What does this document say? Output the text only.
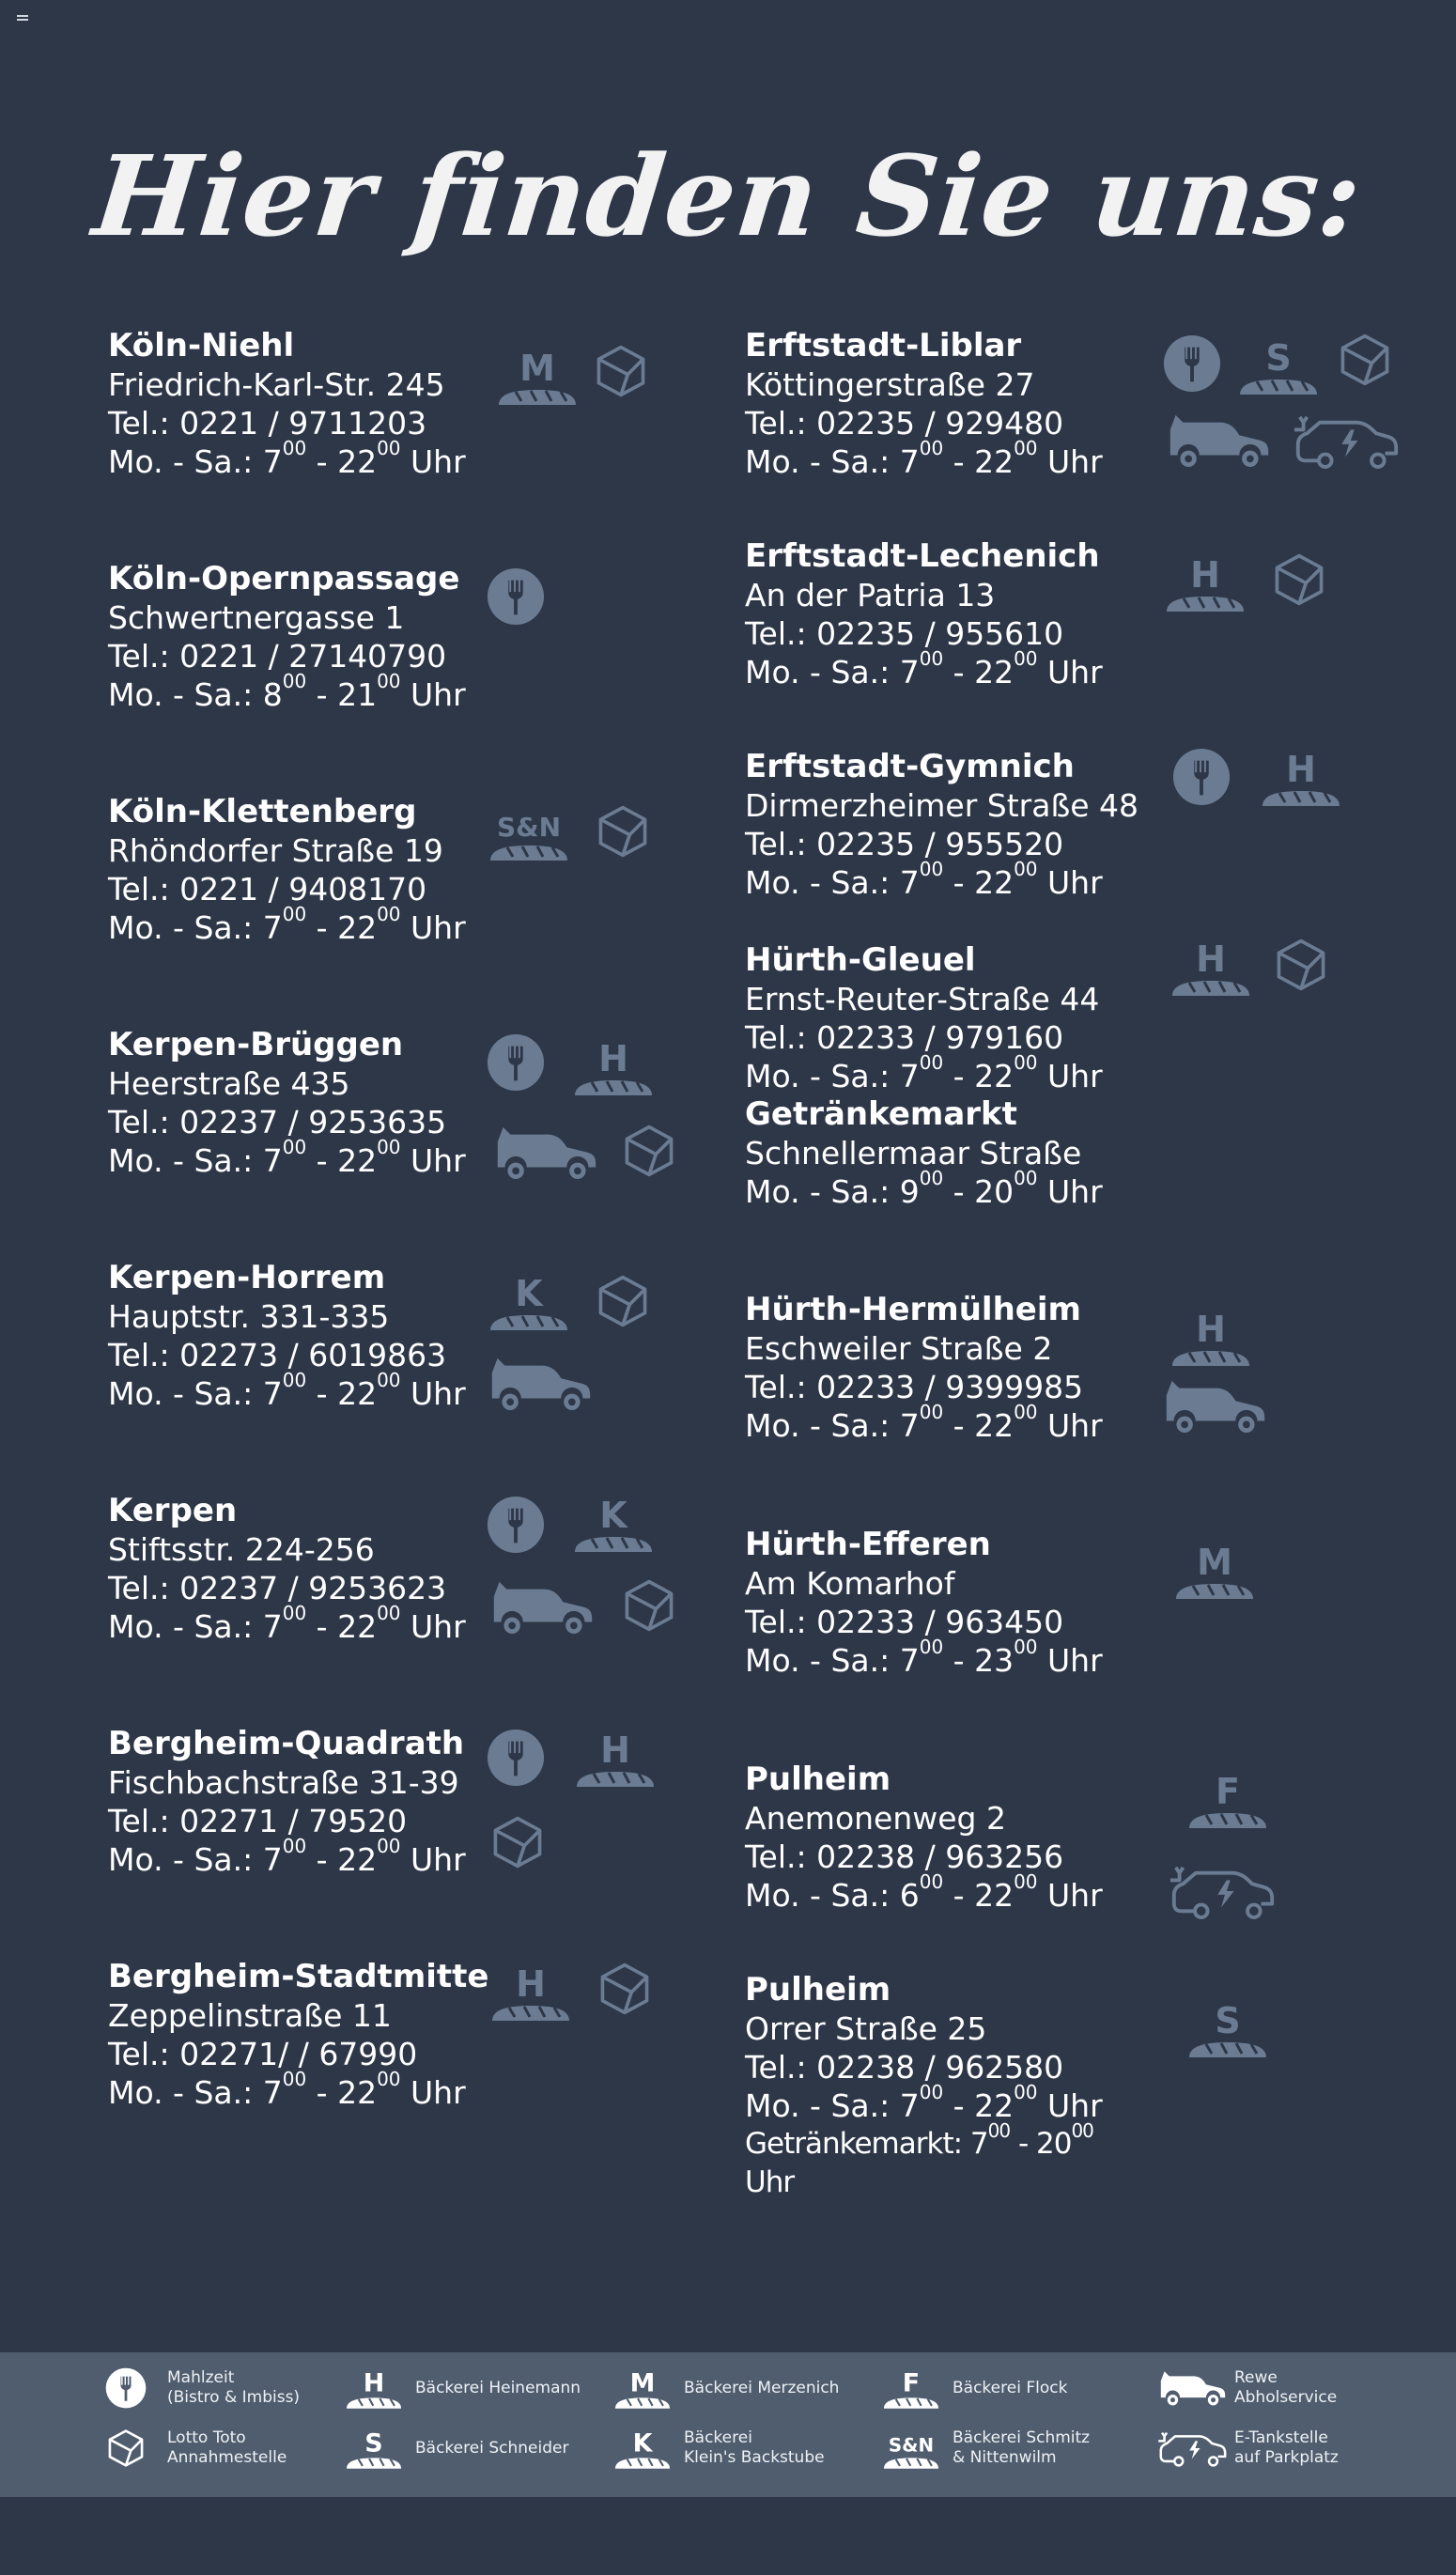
Hier finden Sie uns:
Köln-Niehl
Friedrich-Karl-Str. 245
Tel.: 0221 / 9711203
Mo. - Sa.: $7^{00} - 22^{00}$ Uhr
Köln-Opernpassage
Schwertnergasse 1
Tel.: 0221 / 27140790
Mo. - Sa.: $8^{00} - 21^{00}$ Uhr
Köln-Klettenberg
Rhöndorfer Straße 19
Tel.: 0221 / 9408170
Mo. - Sa.: $7^{00} - 22^{00}$ Uhr
Kerpen-Brüggen
Heerstraße 435
Tel.: 02237 / 9253635
Mo. - Sa.: $7^{00} - 22^{00}$ Uhr
Kerpen-Horrem
Hauptstr. 331-335
Tel.: 02273 / 6019863
Mo. - Sa.: $7^{00} - 22^{00}$ Uhr
Kerpen
Stiftsstr. 224-256
Tel.: 02237 / 9253623
Mo. - Sa.: $7^{00} - 22^{00}$ Uhr
Bergheim-Quadrath
Fischbachstraße 31-39
Tel.: 02271 / 79520
Mo. - Sa.: $7^{00} - 22^{00}$ Uhr
Bergheim-Stadtmitte
Zeppelinstraße 11
Tel.: 02271/ / 67990
Mo. - Sa.: $7^{00} - 22^{00}$ Uhr
Erftstadt-Liblar
Köttingerstraße 27
Tel.: 02235 / 929480
Mo. - Sa.: $7^{00} - 22^{00}$ Uhr
Erftstadt-Lechenich
An der Patria 13
Tel.: 02235 / 955610
Mo. - Sa.: $7^{00} - 22^{00}$ Uhr
Erftstadt-Gymnich
Dirmerzheimer Straße 48
Tel.: 02235 / 955520
Mo. - Sa.: $7^{00} - 22^{00}$ Uhr
Hürth-Gleuel
Ernst-Reuter-Straße 44
Tel.: 02233 / 979160
Mo. - Sa.: $7^{00} - 22^{00}$ Uhr
Getränkemarkt
Schnellermaar Straße
Mo. - Sa.: $9^{00} - 20^{00}$ Uhr
Hürth-Hermülheim
Eschweiler Straße 2
Tel.: 02233 / 9399985
Mo. - Sa.: $7^{00} - 22^{00}$ Uhr
Hürth-Efferen
Am Komarhof
Tel.: 02233 / 963450
Mo. - Sa.: $7^{00} - 23^{00}$ Uhr
Pulheim
Anemonenweg 2
Tel.: 02238 / 963256
Mo. - Sa.: $6^{00} - 22^{00}$ Uhr
Pulheim
Orrer Straße 25
Tel.: 02238 / 962580
Mo. - Sa.: $7^{00} - 22^{00}$ Uhr
Getränkemarkt: $7^{00} - 20^{00}$ Uhr
M
S&N
H
K
K
H
H
S
H
H
H
H
M
F
S
Mahlzeit
(Bistro & Imbiss)
Lotto Toto
Annahmestelle
H Bäckerei Heinemann
S Bäckerei Schneider
M Bäckerei Merzenich
K Bäckerei
Klein's Backstube
F Bäckerei Flock
S&N Bäckerei Schmitz
& Nittenwilm
Rewe
Abholservice
E-Tankstelle
auf Parkplatz
